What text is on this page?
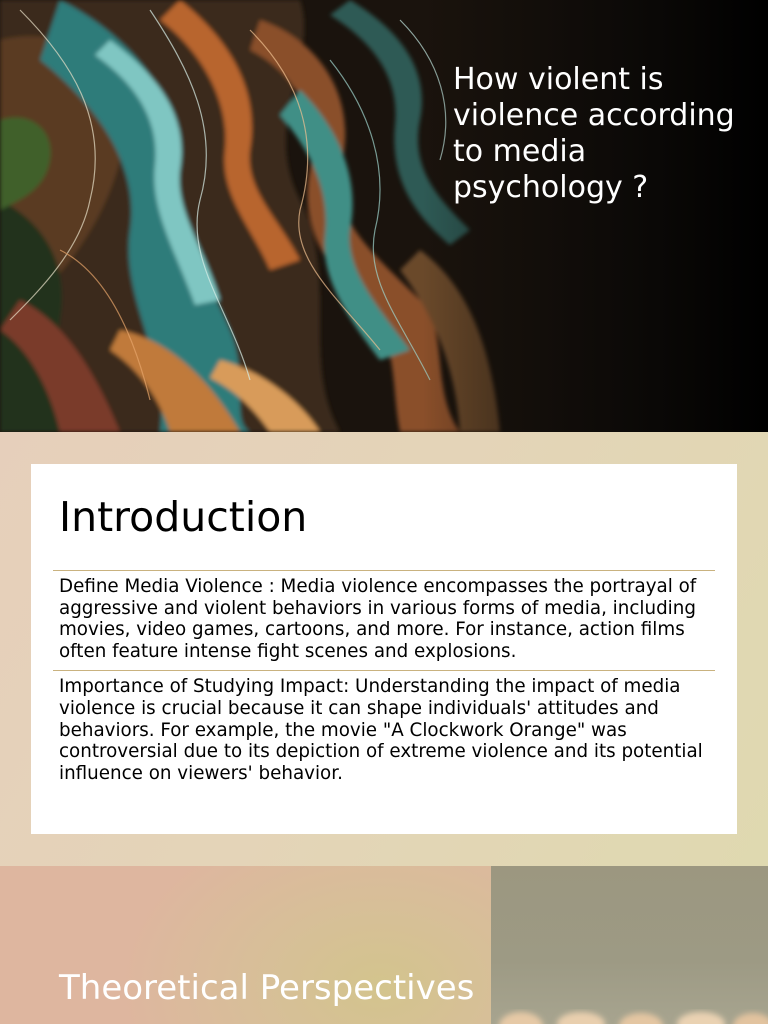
How violent is violence according to media psychology ?
Introduction
Define Media Violence : Media violence encompasses the portrayal of aggressive and violent behaviors in various forms of media, including movies, video games, cartoons, and more. For instance, action films often feature intense fight scenes and explosions.
Importance of Studying Impact: Understanding the impact of media violence is crucial because it can shape individuals' attitudes and behaviors. For example, the movie "A Clockwork Orange" was controversial due to its depiction of extreme violence and its potential influence on viewers' behavior.
Theoretical Perspectives
